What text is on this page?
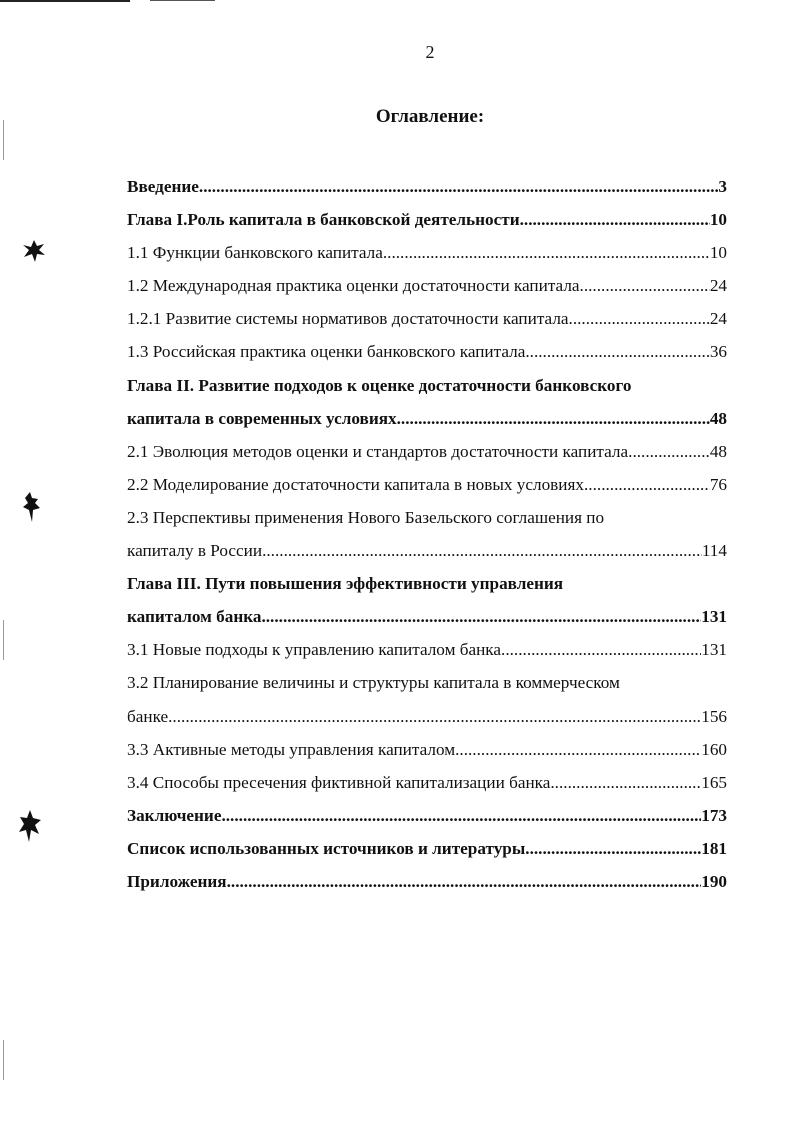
2
Оглавление:
Введение .....	3
Глава I.Роль капитала в банковской деятельности .....	10
1.1 Функции банковского капитала .....	10
1.2 Международная практика оценки достаточности капитала .....	24
1.2.1 Развитие системы нормативов достаточности капитала .....	24
1.3 Российская практика оценки банковского капитала .....	36
Глава II. Развитие подходов к оценке достаточности банковского
капитала в современных условиях .....	48
2.1 Эволюция методов оценки и стандартов достаточности капитала .....	48
2.2 Моделирование достаточности капитала в новых условиях .....	76
2.3 Перспективы применения Нового Базельского соглашения по
капиталу в России .....	114
Глава III. Пути повышения эффективности управления
капиталом банка .....	131
3.1 Новые подходы к управлению капиталом банка .....	131
3.2 Планирование величины и структуры капитала в коммерческом
банке .....	156
3.3 Активные методы управления капиталом .....	160
3.4 Способы пресечения фиктивной капитализации банка .....	165
Заключение .....	173
Список использованных источников и литературы .....	181
Приложения .....	190
